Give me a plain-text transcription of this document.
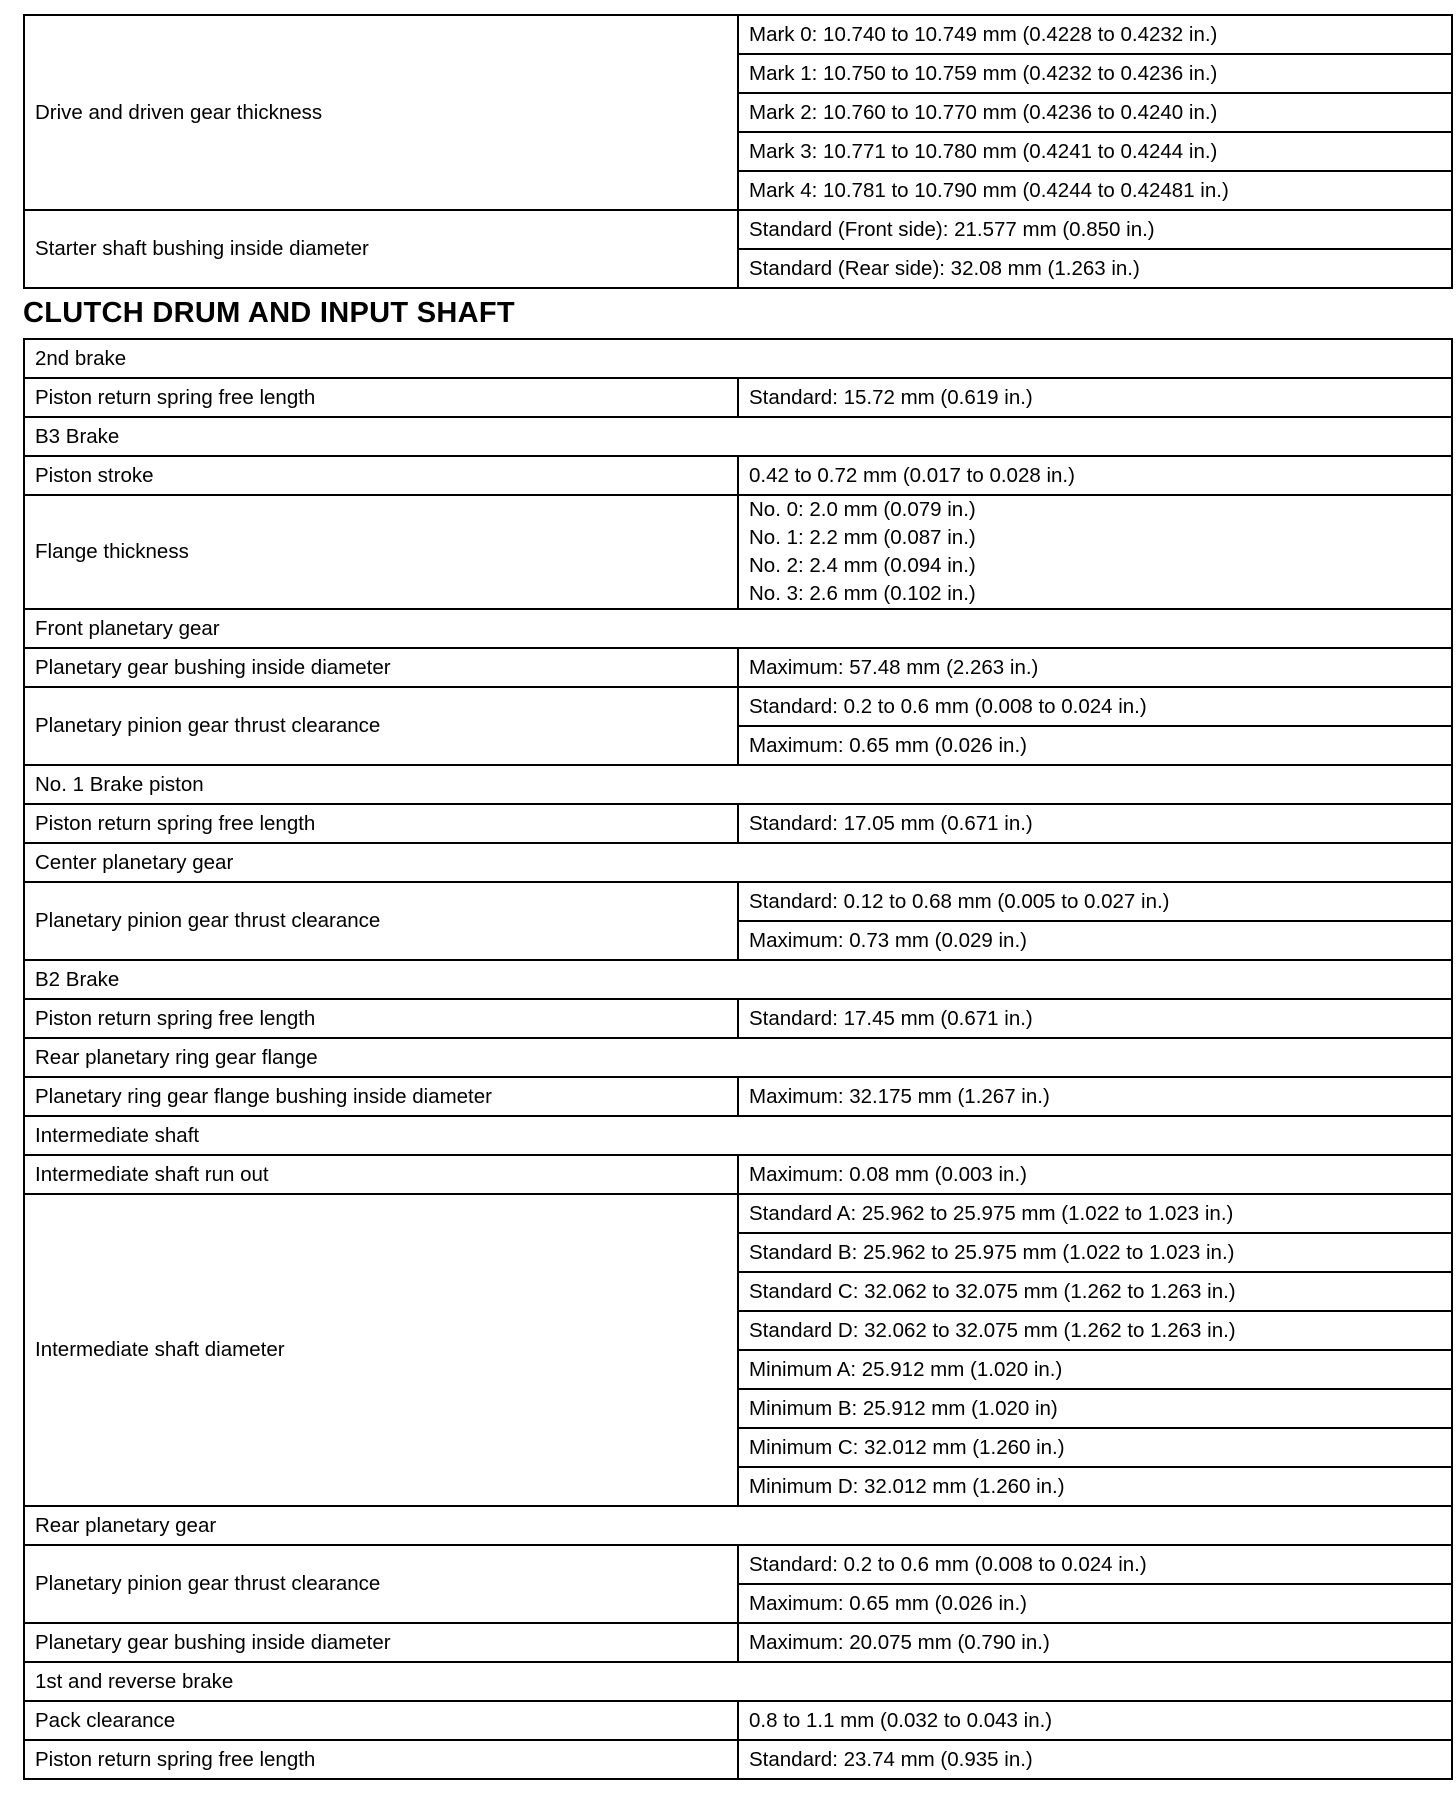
Drive and driven gear thickness	Mark 0: 10.740 to 10.749 mm (0.4228 to 0.4232 in.)
	Mark 1: 10.750 to 10.759 mm (0.4232 to 0.4236 in.)
	Mark 2: 10.760 to 10.770 mm (0.4236 to 0.4240 in.)
	Mark 3: 10.771 to 10.780 mm (0.4241 to 0.4244 in.)
	Mark 4: 10.781 to 10.790 mm (0.4244 to 0.42481 in.)
Starter shaft bushing inside diameter	Standard (Front side): 21.577 mm (0.850 in.)
	Standard (Rear side): 32.08 mm (1.263 in.)
CLUTCH DRUM AND INPUT SHAFT
2nd brake	
Piston return spring free length	Standard: 15.72 mm (0.619 in.)
B3 Brake	
Piston stroke	0.42 to 0.72 mm (0.017 to 0.028 in.)
Flange thickness	No. 0: 2.0 mm (0.079 in.)
No. 1: 2.2 mm (0.087 in.)
No. 2: 2.4 mm (0.094 in.)
No. 3: 2.6 mm (0.102 in.)

Front planetary gear	
Planetary gear bushing inside diameter	Maximum: 57.48 mm (2.263 in.)
Planetary pinion gear thrust clearance	Standard: 0.2 to 0.6 mm (0.008 to 0.024 in.)
	Maximum: 0.65 mm (0.026 in.)
No. 1 Brake piston	
Piston return spring free length	Standard: 17.05 mm (0.671 in.)
Center planetary gear	
Planetary pinion gear thrust clearance	Standard: 0.12 to 0.68 mm (0.005 to 0.027 in.)
	Maximum: 0.73 mm (0.029 in.)
B2 Brake	
Piston return spring free length	Standard: 17.45 mm (0.671 in.)
Rear planetary ring gear flange	
Planetary ring gear flange bushing inside diameter	Maximum: 32.175 mm (1.267 in.)
Intermediate shaft	
Intermediate shaft run out	Maximum: 0.08 mm (0.003 in.)
Intermediate shaft diameter	Standard A: 25.962 to 25.975 mm (1.022 to 1.023 in.)
	Standard B: 25.962 to 25.975 mm (1.022 to 1.023 in.)
	Standard C: 32.062 to 32.075 mm (1.262 to 1.263 in.)
	Standard D: 32.062 to 32.075 mm (1.262 to 1.263 in.)
	Minimum A: 25.912 mm (1.020 in.)
	Minimum B: 25.912 mm (1.020 in)
	Minimum C: 32.012 mm (1.260 in.)
	Minimum D: 32.012 mm (1.260 in.)
Rear planetary gear	
Planetary pinion gear thrust clearance	Standard: 0.2 to 0.6 mm (0.008 to 0.024 in.)
	Maximum: 0.65 mm (0.026 in.)
Planetary gear bushing inside diameter	Maximum: 20.075 mm (0.790 in.)
1st and reverse brake	
Pack clearance	0.8 to 1.1 mm (0.032 to 0.043 in.)
Piston return spring free length	Standard: 23.74 mm (0.935 in.)
